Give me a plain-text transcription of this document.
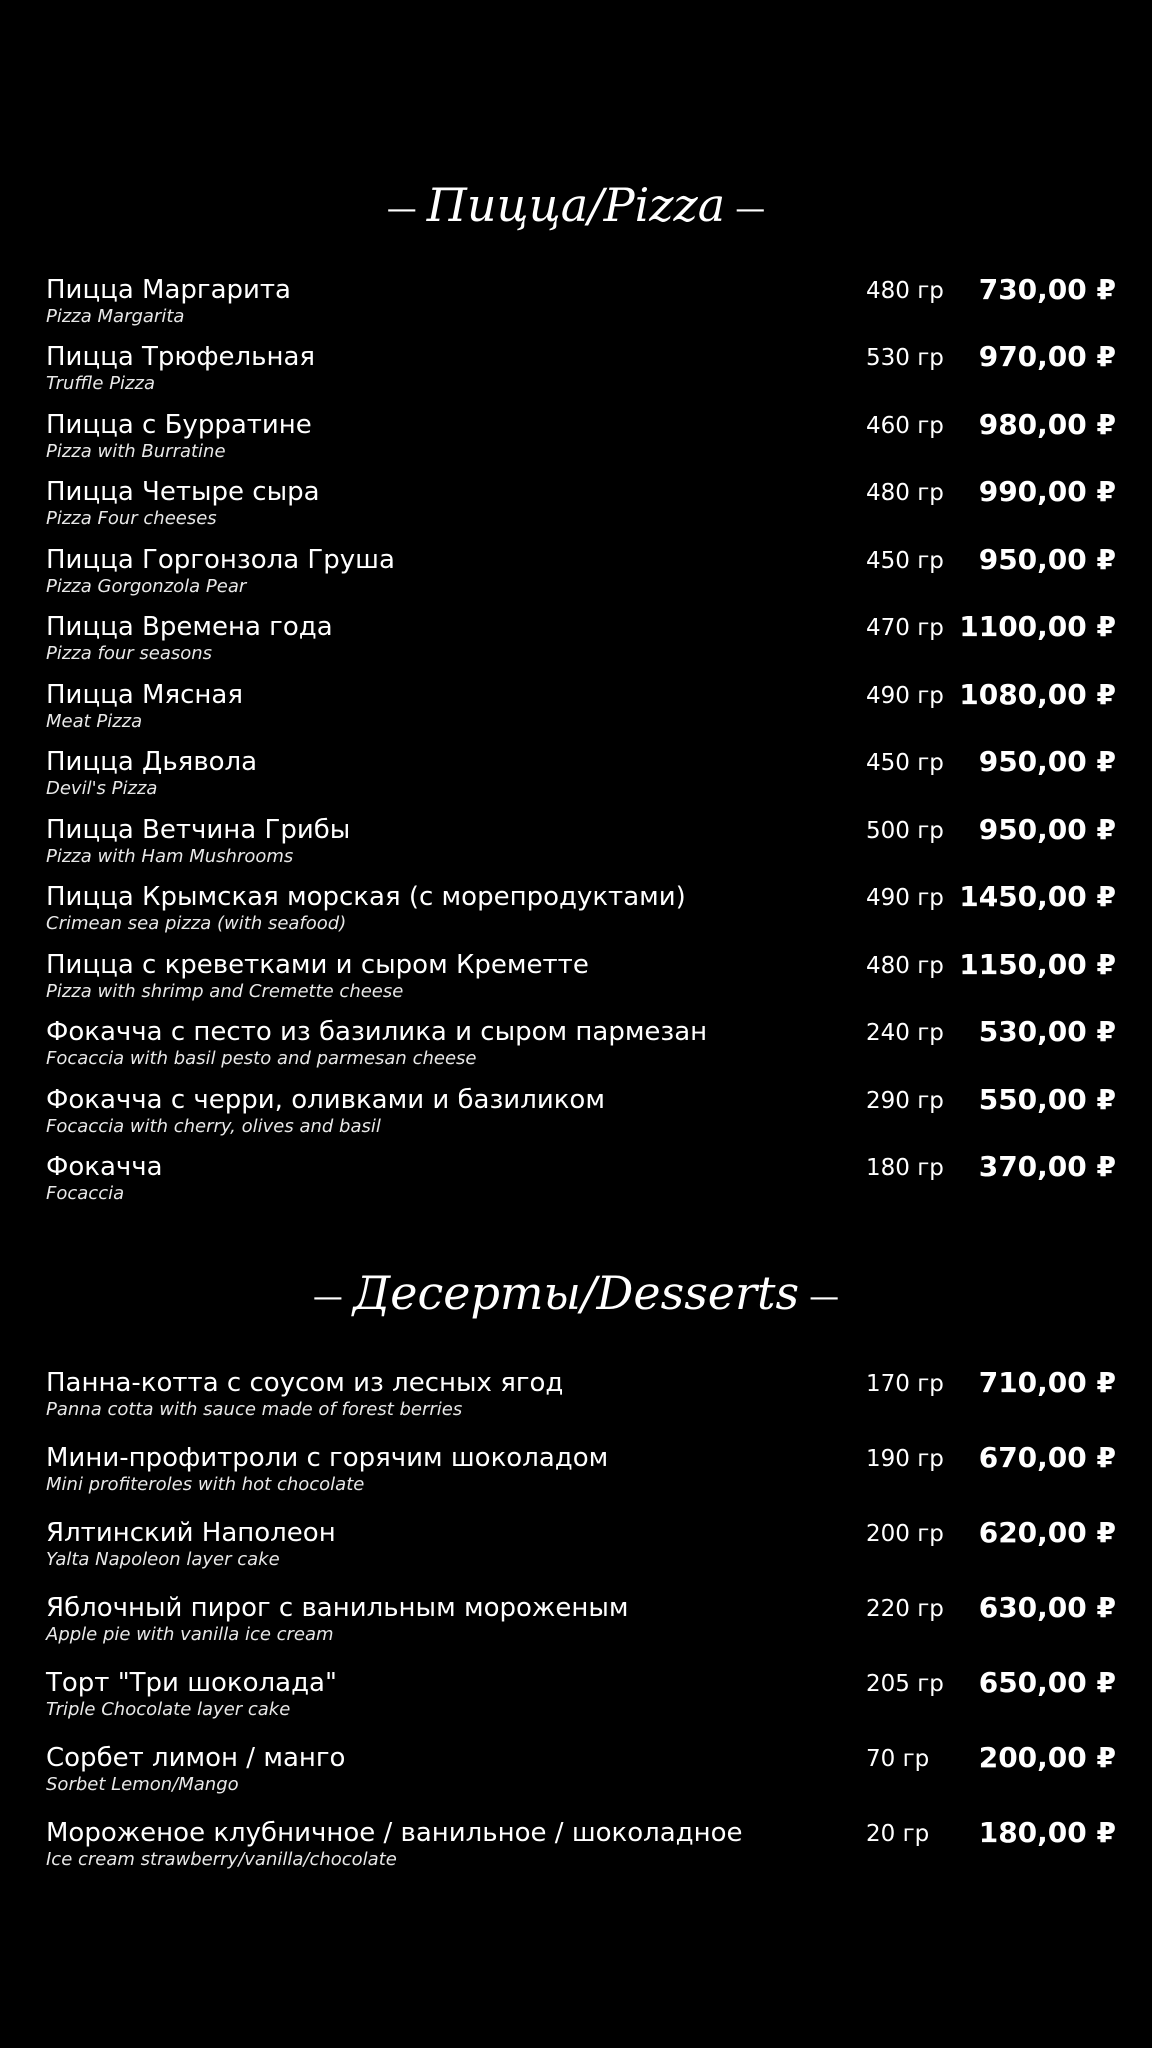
— Пицца/Pizza —
Пицца Маргарита
Pizza Margarita
480 гр 730,00 ₽
Пицца Трюфельная
Truffle Pizza
530 гр 970,00 ₽
Пицца с Бурратине
Pizza with Burratine
460 гр 980,00 ₽
Пицца Четыре сыра
Pizza Four cheeses
480 гр 990,00 ₽
Пицца Горгонзола Груша
Pizza Gorgonzola Pear
450 гр 950,00 ₽
Пицца Времена года
Pizza four seasons
470 гр 1100,00 ₽
Пицца Мясная
Meat Pizza
490 гр 1080,00 ₽
Пицца Дьявола
Devil's Pizza
450 гр 950,00 ₽
Пицца Ветчина Грибы
Pizza with Ham Mushrooms
500 гр 950,00 ₽
Пицца Крымская морская (с морепродуктами)
Crimean sea pizza (with seafood)
490 гр 1450,00 ₽
Пицца с креветками и сыром Креметте
Pizza with shrimp and Cremette cheese
480 гр 1150,00 ₽
Фокачча с песто из базилика и сыром пармезан
Focaccia with basil pesto and parmesan cheese
240 гр 530,00 ₽
Фокачча с черри, оливками и базиликом
Focaccia with cherry, olives and basil
290 гр 550,00 ₽
Фокачча
Focaccia
180 гр 370,00 ₽
— Десерты/Desserts —
Панна-котта с соусом из лесных ягод
Panna cotta with sauce made of forest berries
170 гр 710,00 ₽
Мини-профитроли с горячим шоколадом
Mini profiteroles with hot chocolate
190 гр 670,00 ₽
Ялтинский Наполеон
Yalta Napoleon layer cake
200 гр 620,00 ₽
Яблочный пирог с ванильным мороженым
Apple pie with vanilla ice cream
220 гр 630,00 ₽
Торт "Три шоколада"
Triple Chocolate layer cake
205 гр 650,00 ₽
Сорбет лимон / манго
Sorbet Lemon/Mango
70 гр 200,00 ₽
Мороженое клубничное / ванильное / шоколадное
Ice cream strawberry/vanilla/chocolate
20 гр 180,00 ₽
